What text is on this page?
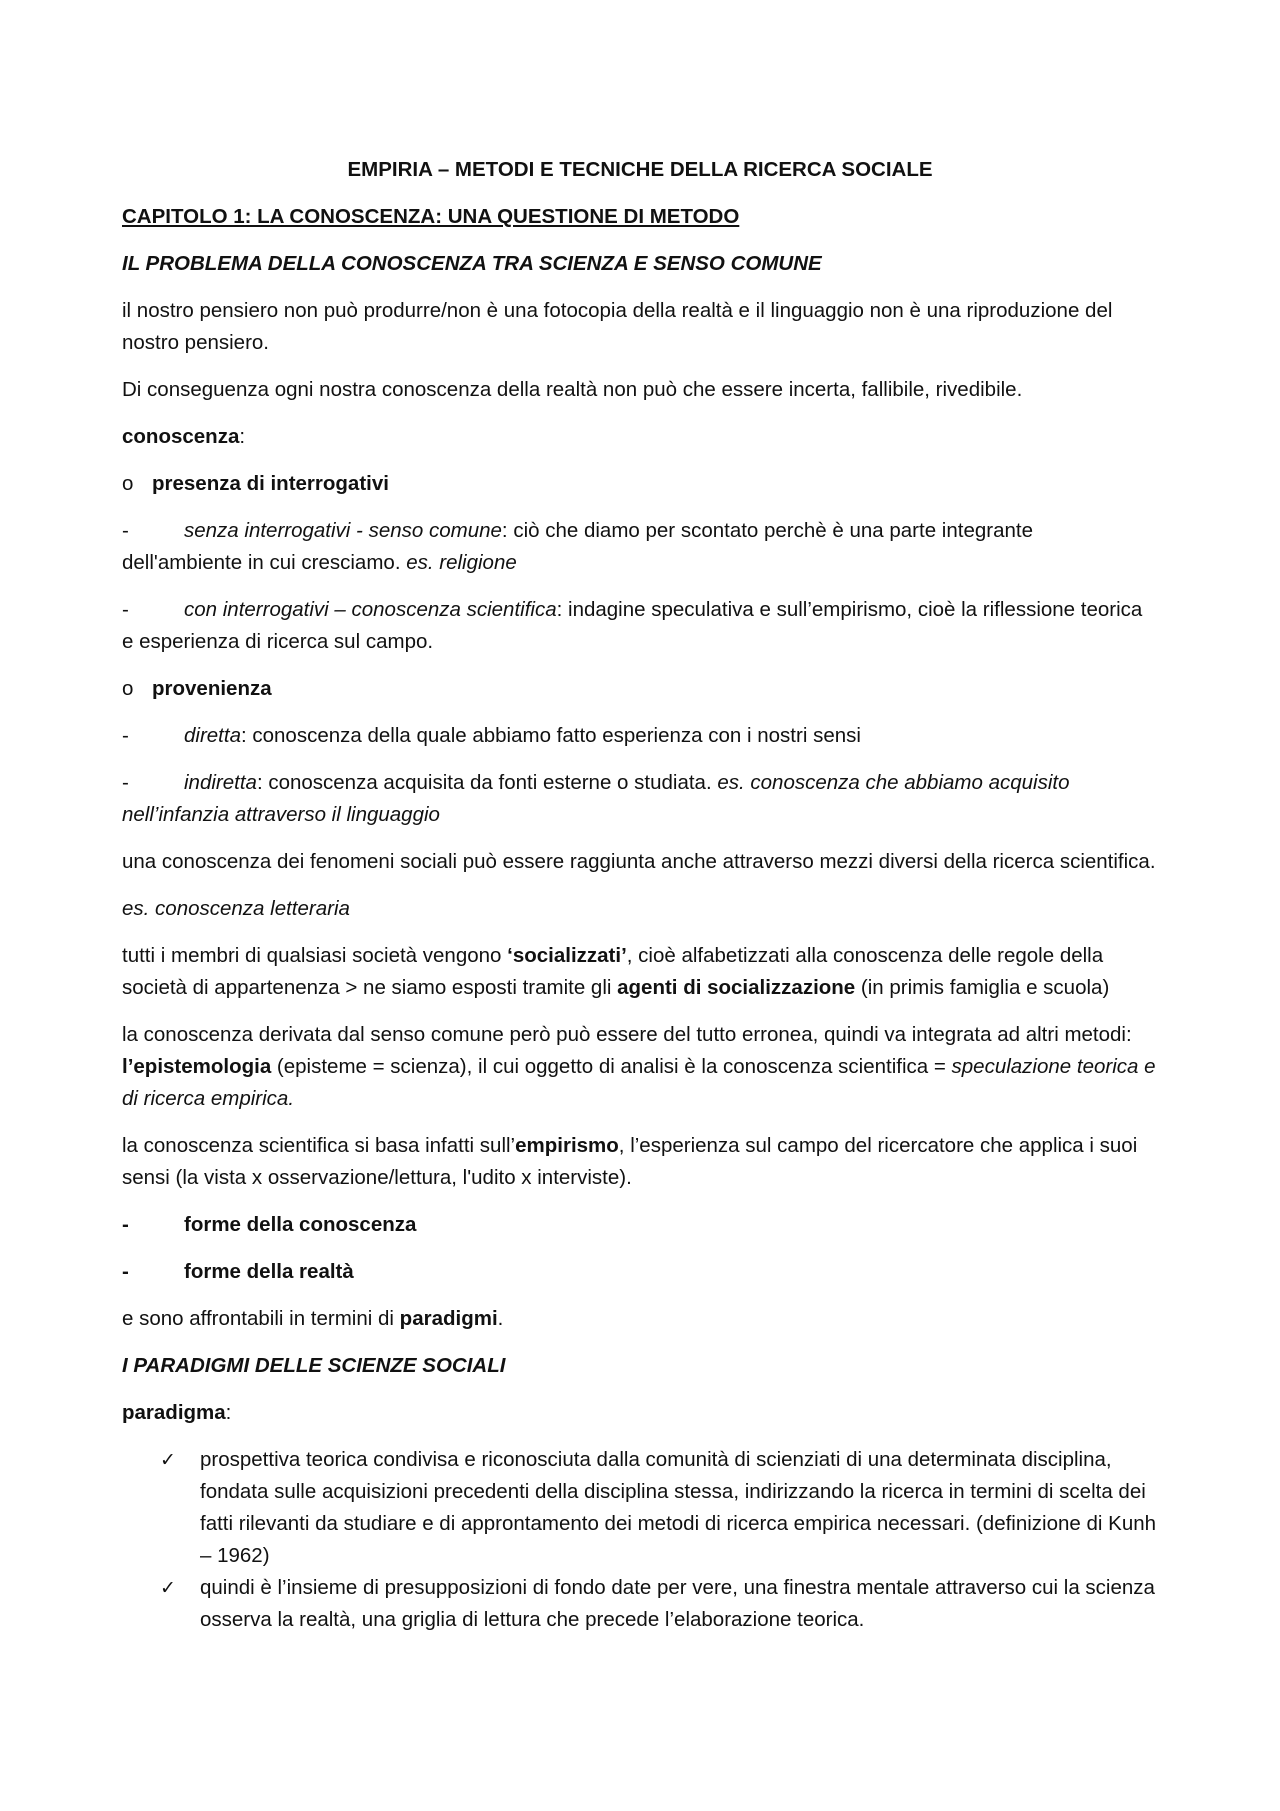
EMPIRIA – METODI E TECNICHE DELLA RICERCA SOCIALE

CAPITOLO 1: LA CONOSCENZA: UNA QUESTIONE DI METODO

IL PROBLEMA DELLA CONOSCENZA TRA SCIENZA E SENSO COMUNE

il nostro pensiero non può produrre/non è una fotocopia della realtà e il linguaggio non è una riproduzione del nostro pensiero.

Di conseguenza ogni nostra conoscenza della realtà non può che essere incerta, fallibile, rivedibile.

conoscenza:

o presenza di interrogativi

-	senza interrogativi - senso comune: ciò che diamo per scontato perchè è una parte integrante dell'ambiente in cui cresciamo. es. religione

-	con interrogativi – conoscenza scientifica: indagine speculativa e sull’empirismo, cioè la riflessione teorica e esperienza di ricerca sul campo.

o provenienza

-	diretta: conoscenza della quale abbiamo fatto esperienza con i nostri sensi

-	indiretta: conoscenza acquisita da fonti esterne o studiata. es. conoscenza che abbiamo acquisito nell’infanzia attraverso il linguaggio

una conoscenza dei fenomeni sociali può essere raggiunta anche attraverso mezzi diversi della ricerca scientifica.

es. conoscenza letteraria

tutti i membri di qualsiasi società vengono ‘socializzati’, cioè alfabetizzati alla conoscenza delle regole della società di appartenenza > ne siamo esposti tramite gli agenti di socializzazione (in primis famiglia e scuola)

la conoscenza derivata dal senso comune però può essere del tutto erronea, quindi va integrata ad altri metodi: l’epistemologia (episteme = scienza), il cui oggetto di analisi è la conoscenza scientifica = speculazione teorica e di ricerca empirica.

la conoscenza scientifica si basa infatti sull’empirismo, l’esperienza sul campo del ricercatore che applica i suoi sensi (la vista x osservazione/lettura, l'udito x interviste).

-	forme della conoscenza

-	forme della realtà

e sono affrontabili in termini di paradigmi.

I PARADIGMI DELLE SCIENZE SOCIALI

paradigma:

✓ prospettiva teorica condivisa e riconosciuta dalla comunità di scienziati di una determinata disciplina, fondata sulle acquisizioni precedenti della disciplina stessa, indirizzando la ricerca in termini di scelta dei fatti rilevanti da studiare e di approntamento dei metodi di ricerca empirica necessari. (definizione di Kunh – 1962)
✓ quindi è l’insieme di presupposizioni di fondo date per vere, una finestra mentale attraverso cui la scienza osserva la realtà, una griglia di lettura che precede l’elaborazione teorica.
